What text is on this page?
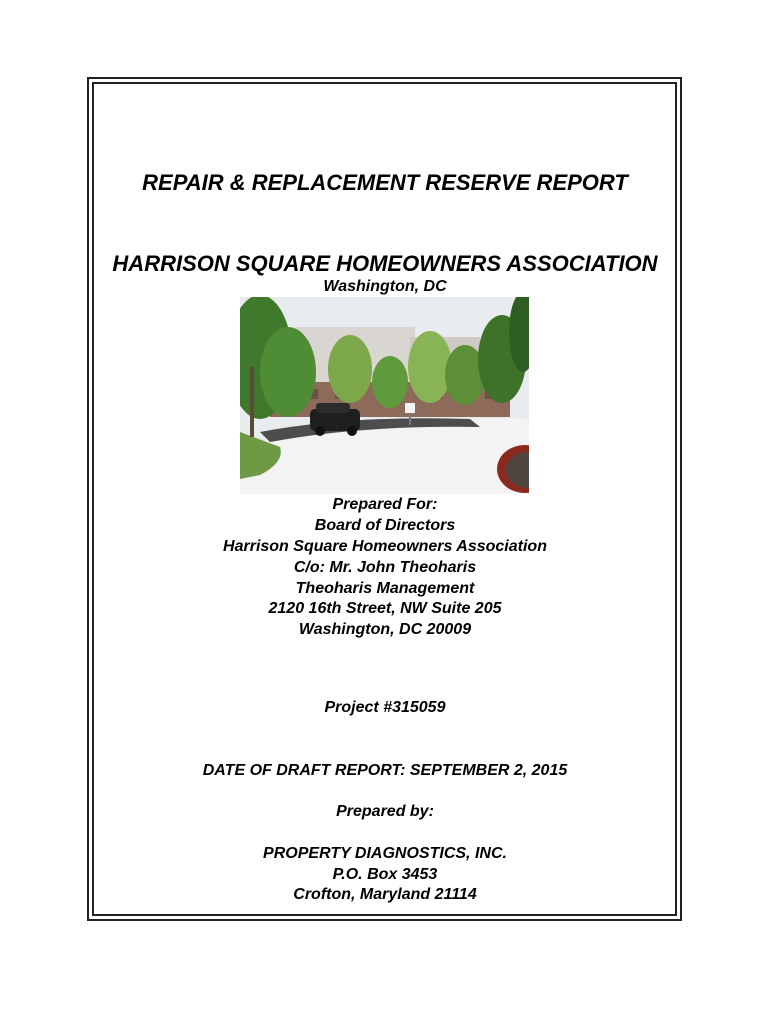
REPAIR & REPLACEMENT RESERVE REPORT
HARRISON SQUARE HOMEOWNERS ASSOCIATION
Washington, DC
Prepared For:
Board of Directors
Harrison Square Homeowners Association
C/o: Mr. John Theoharis
Theoharis Management
2120 16th Street, NW Suite 205
Washington, DC 20009
Project #315059
DATE OF DRAFT REPORT: SEPTEMBER 2, 2015
Prepared by:
PROPERTY DIAGNOSTICS, INC.
P.O. Box 3453
Crofton, Maryland 21114
